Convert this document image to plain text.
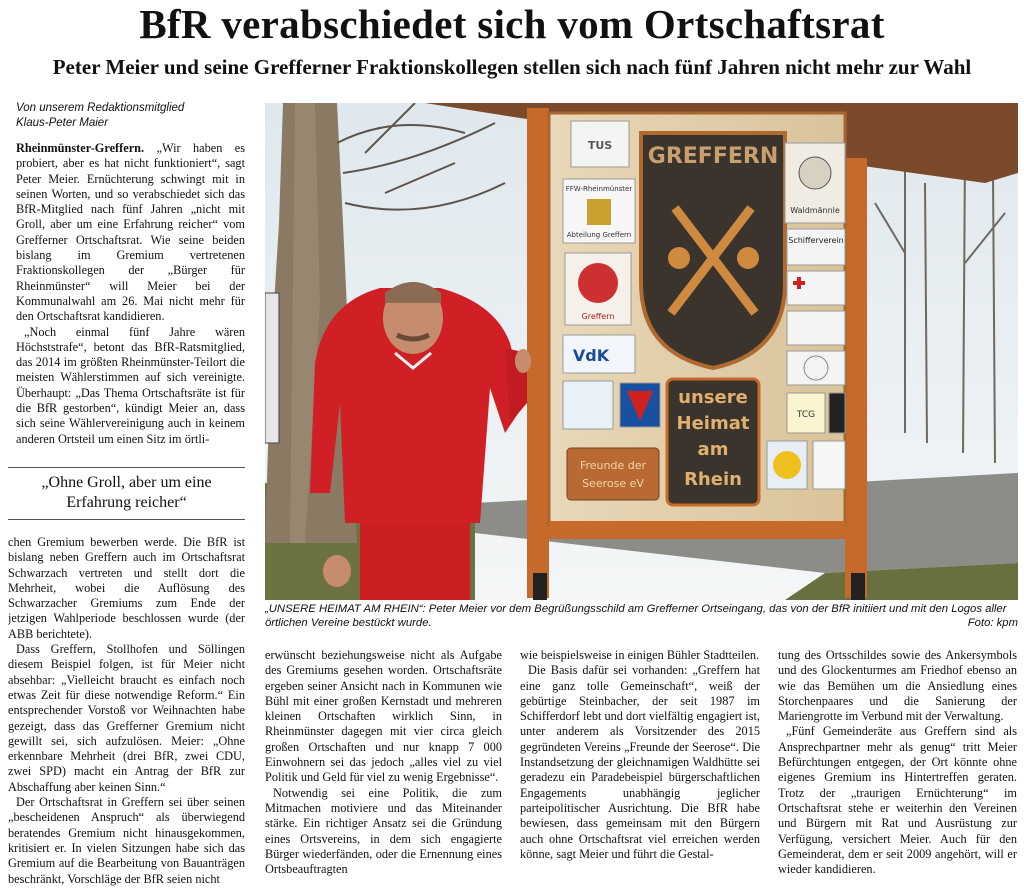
BfR verabschiedet sich vom Ortschaftsrat
Peter Meier und seine Grefferner Fraktionskollegen stellen sich nach fünf Jahren nicht mehr zur Wahl
Von unserem Redaktionsmitglied
Klaus-Peter Maier

Rheinmünster-Greffern. „Wir haben es probiert, aber es hat nicht funktioniert“, sagt Peter Meier. Ernüchterung schwingt mit in seinen Worten, und so verabschiedet sich das BfR-Mitglied nach fünf Jahren „nicht mit Groll, aber um eine Erfahrung reicher“ vom Grefferner Ortschaftsrat. Wie seine beiden bislang im Gremium vertretenen Fraktionskollegen der „Bürger für Rheinmünster“ will Meier bei der Kommunalwahl am 26. Mai nicht mehr für den Ortschaftsrat kandidieren.

„Noch einmal fünf Jahre wären Höchststrafe“, betont das BfR-Ratsmitglied, das 2014 im größten Rheinmünster-Teilort die meisten Wählerstimmen auf sich vereinigte. Überhaupt: „Das Thema Ortschaftsräte ist für die BfR gestorben“, kündigt Meier an, dass sich seine Wählervereinigung auch in keinem anderen Ortsteil um einen Sitz im örtli-

„Ohne Groll, aber um eine Erfahrung reicher“

chen Gremium bewerben werde. Die BfR ist bislang neben Greffern auch im Ortschaftsrat Schwarzach vertreten und stellt dort die Mehrheit, wobei die Auflösung des Schwarzacher Gremiums zum Ende der jetzigen Wahlperiode beschlossen wurde (der ABB berichtete).

Dass Greffern, Stollhofen und Söllingen diesem Beispiel folgen, ist für Meier nicht absehbar: „Vielleicht braucht es einfach noch etwas Zeit für diese notwendige Reform.“ Ein entsprechender Vorstoß vor Weihnachten habe gezeigt, dass das Grefferner Gremium nicht gewillt sei, sich aufzulösen. Meier: „Ohne erkennbare Mehrheit (drei BfR, zwei CDU, zwei SPD) macht ein Antrag der BfR zur Abschaffung aber keinen Sinn.“

Der Ortschaftsrat in Greffern sei über seinen „bescheidenen Anspruch“ als überwiegend beratendes Gremium nicht hinausgekommen, kritisiert er. In vielen Sitzungen habe sich das Gremium auf die Bearbeitung von Bauanträgen beschränkt, Vorschläge der BfR seien nicht

GREFFERN
unsere
Heimat
am
Rhein
Freunde der
Seerose eV
TUS
FFW-Rheinmünster
Abteilung Greffern
Greffern
VdK
Waldmännle
Schifferverein
TCG
„UNSERE HEIMAT AM RHEIN“: Peter Meier vor dem Begrüßungsschild am Grefferner Ortseingang, das von der BfR initiiert und mit den Logos aller örtlichen Vereine bestückt wurde.	Foto: kpm

erwünscht beziehungsweise nicht als Aufgabe des Gremiums gesehen worden. Ortschaftsräte ergeben seiner Ansicht nach in Kommunen wie Bühl mit einer großen Kernstadt und mehreren kleinen Ortschaften wirklich Sinn, in Rheinmünster dagegen mit vier circa gleich großen Ortschaften und nur knapp 7 000 Einwohnern sei das jedoch „alles viel zu viel Politik und Geld für viel zu wenig Ergebnisse“.

Notwendig sei eine Politik, die zum Mitmachen motiviere und das Miteinander stärke. Ein richtiger Ansatz sei die Gründung eines Ortsvereins, in dem sich engagierte Bürger wiederfänden, oder die Ernennung eines Ortsbeauftragten

wie beispielsweise in einigen Bühler Stadtteilen.

Die Basis dafür sei vorhanden: „Greffern hat eine ganz tolle Gemeinschaft“, weiß der gebürtige Steinbacher, der seit 1987 im Schifferdorf lebt und dort vielfältig engagiert ist, unter anderem als Vorsitzender des 2015 gegründeten Vereins „Freunde der Seerose“. Die Instandsetzung der gleichnamigen Waldhütte sei geradezu ein Paradebeispiel bürgerschaftlichen Engagements unabhängig jeglicher parteipolitischer Ausrichtung. Die BfR habe bewiesen, dass gemeinsam mit den Bürgern auch ohne Ortschaftsrat viel erreichen werden könne, sagt Meier und führt die Gestal-

tung des Ortsschildes sowie des Ankersymbols und des Glockenturmes am Friedhof ebenso an wie das Bemühen um die Ansiedlung eines Storchenpaares und die Sanierung der Mariengrotte im Verbund mit der Verwaltung.

„Fünf Gemeinderäte aus Greffern sind als Ansprechpartner mehr als genug“ tritt Meier Befürchtungen entgegen, der Ort könnte ohne eigenes Gremium ins Hintertreffen geraten. Trotz der „traurigen Ernüchterung“ im Ortschaftsrat stehe er weiterhin den Vereinen und Bürgern mit Rat und Ausrüstung zur Verfügung, versichert Meier. Auch für den Gemeinderat, dem er seit 2009 angehört, will er wieder kandidieren.
